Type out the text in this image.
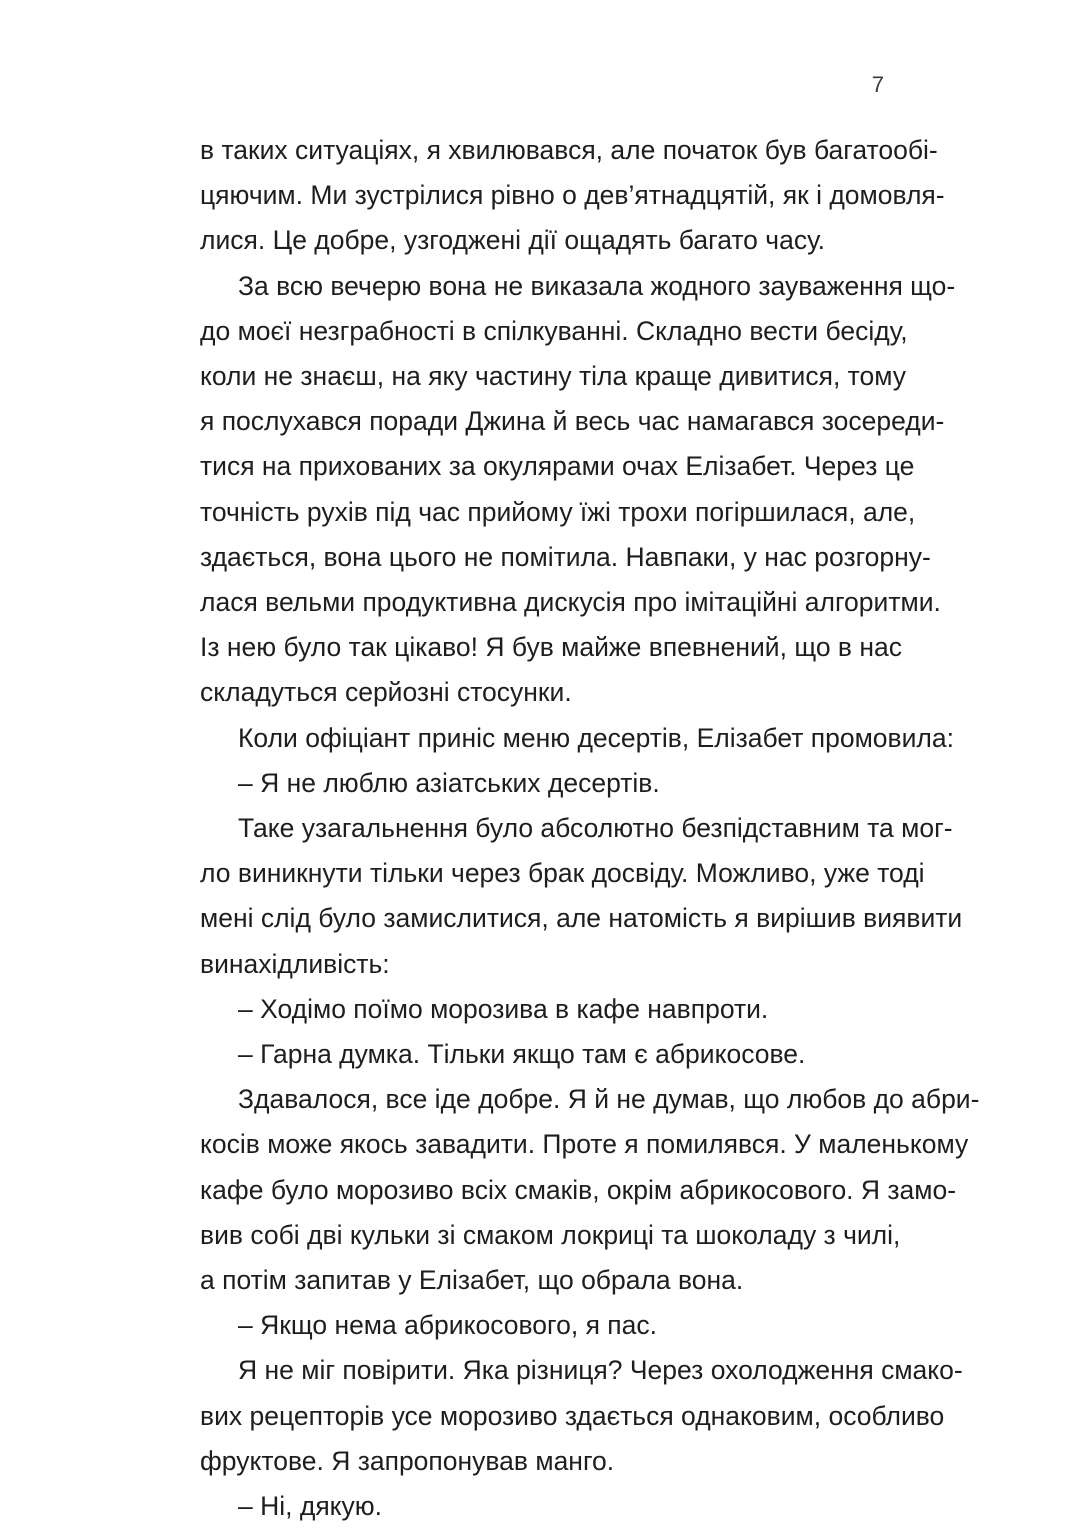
7
в таких ситуаціях, я хвилювався, але початок був багатообі-
цяючим. Ми зустрілися рівно о дев’ятнадцятій, як і домовля-
лися. Це добре, узгоджені дії ощадять багато часу.
За всю вечерю вона не виказала жодного зауваження що-
до моєї незграбності в спілкуванні. Складно вести бесіду,
коли не знаєш, на яку частину тіла краще дивитися, тому
я послухався поради Джина й весь час намагався зосереди-
тися на прихованих за окулярами очах Елізабет. Через це
точність рухів під час прийому їжі трохи погіршилася, але,
здається, вона цього не помітила. Навпаки, у нас розгорну-
лася вельми продуктивна дискусія про імітаційні алгоритми.
Із нею було так цікаво! Я був майже впевнений, що в нас
складуться серйозні стосунки.
Коли офіціант приніс меню десертів, Елізабет промовила:
– Я не люблю азіатських десертів.
Таке узагальнення було абсолютно безпідставним та мог-
ло виникнути тільки через брак досвіду. Можливо, уже тоді
мені слід було замислитися, але натомість я вирішив виявити
винахідливість:
– Ходімо поїмо морозива в кафе навпроти.
– Гарна думка. Тільки якщо там є абрикосове.
Здавалося, все іде добре. Я й не думав, що любов до абри-
косів може якось завадити. Проте я помилявся. У маленькому
кафе було морозиво всіх смаків, окрім абрикосового. Я замо-
вив собі дві кульки зі смаком локриці та шоколаду з чилі,
а потім запитав у Елізабет, що обрала вона.
– Якщо нема абрикосового, я пас.
Я не міг повірити. Яка різниця? Через охолодження смако-
вих рецепторів усе морозиво здається однаковим, особливо
фруктове. Я запропонував манго.
– Ні, дякую.
